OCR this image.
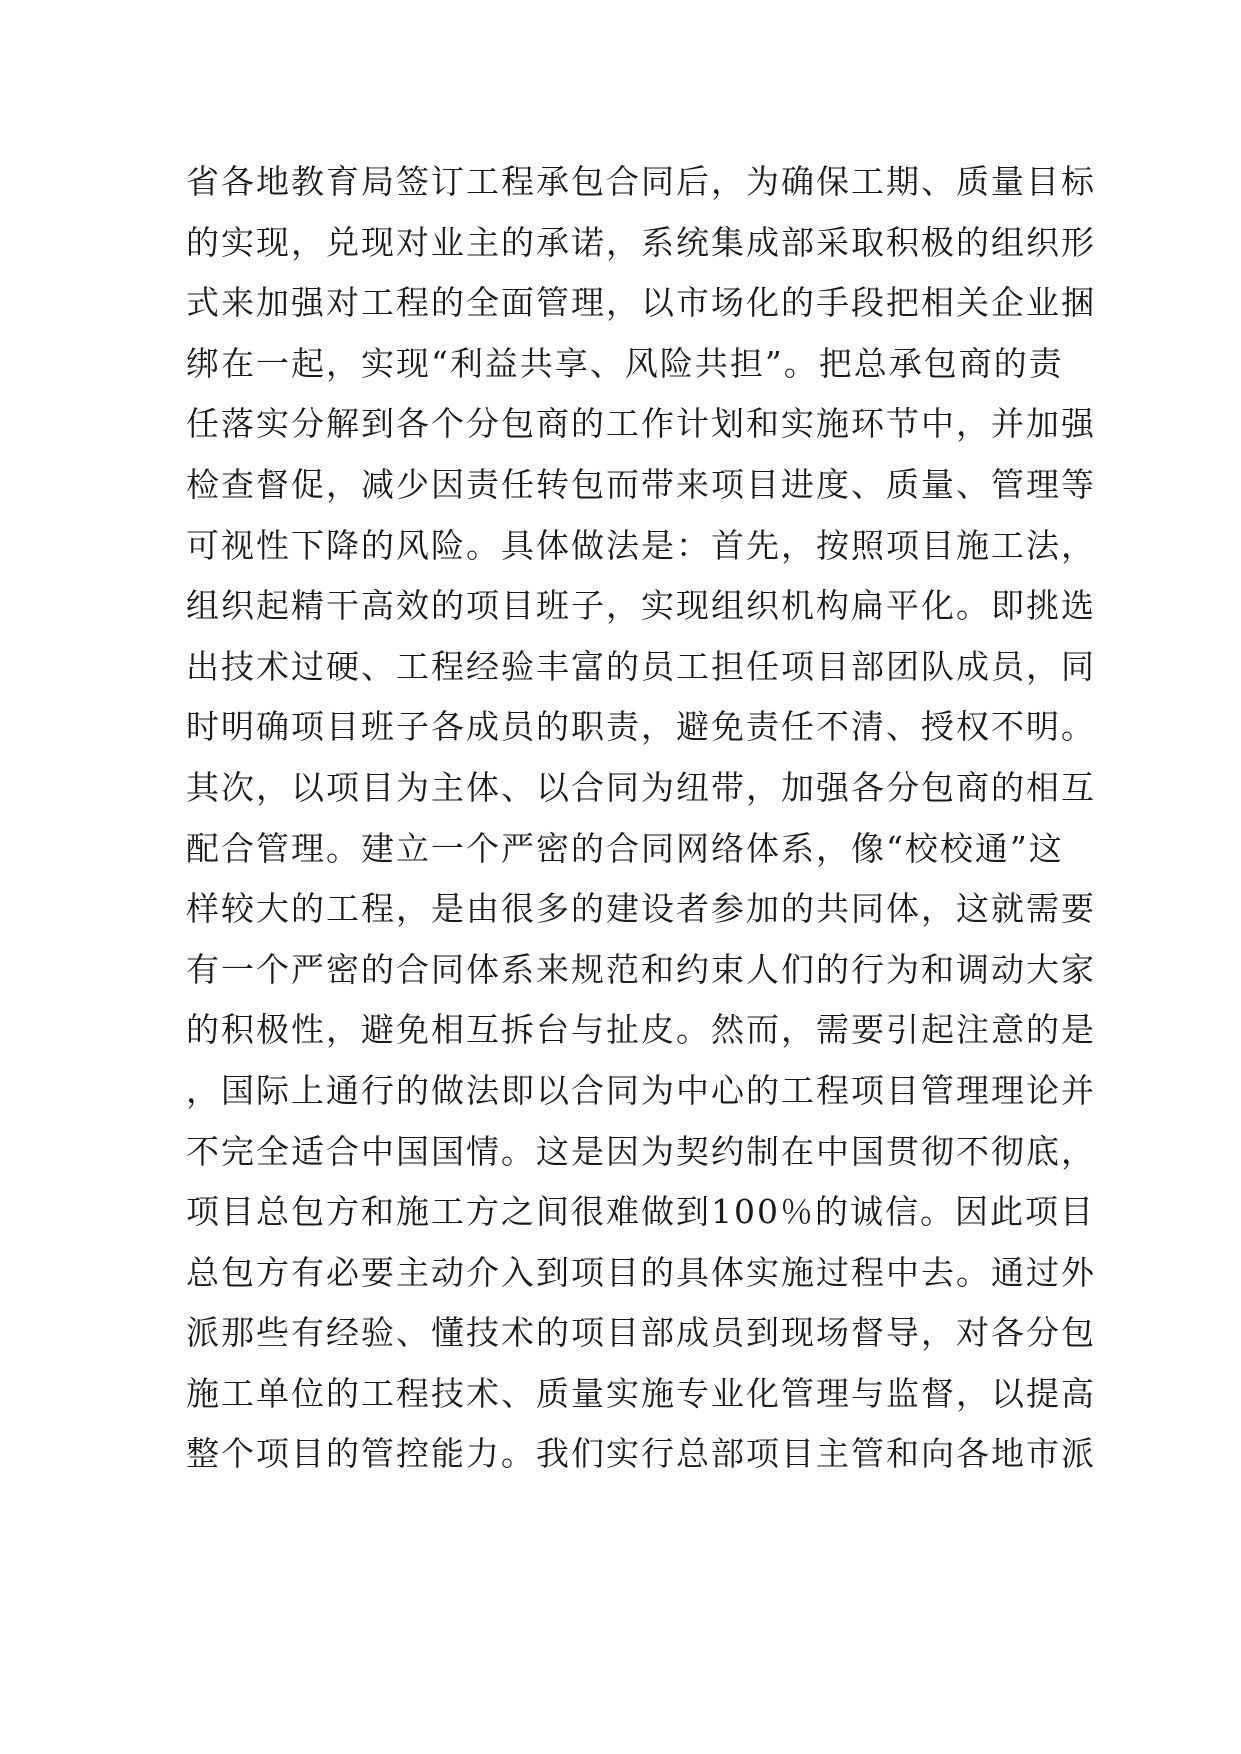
省各地教育局签订工程承包合同后，为确保工期、质量目标
的实现，兑现对业主的承诺，系统集成部采取积极的组织形
式来加强对工程的全面管理，以市场化的手段把相关企业捆
绑在一起，实现“利益共享、风险共担”。把总承包商的责
任落实分解到各个分包商的工作计划和实施环节中，并加强
检查督促，减少因责任转包而带来项目进度、质量、管理等
可视性下降的风险。具体做法是：首先，按照项目施工法，
组织起精干高效的项目班子，实现组织机构扁平化。即挑选
出技术过硬、工程经验丰富的员工担任项目部团队成员，同
时明确项目班子各成员的职责，避免责任不清、授权不明。
其次，以项目为主体、以合同为纽带，加强各分包商的相互
配合管理。建立一个严密的合同网络体系，像“校校通”这
样较大的工程，是由很多的建设者参加的共同体，这就需要
有一个严密的合同体系来规范和约束人们的行为和调动大家
的积极性，避免相互拆台与扯皮。然而，需要引起注意的是
，国际上通行的做法即以合同为中心的工程项目管理理论并
不完全适合中国国情。这是因为契约制在中国贯彻不彻底，
项目总包方和施工方之间很难做到100％的诚信。因此项目
总包方有必要主动介入到项目的具体实施过程中去。通过外
派那些有经验、懂技术的项目部成员到现场督导，对各分包
施工单位的工程技术、质量实施专业化管理与监督，以提高
整个项目的管控能力。我们实行总部项目主管和向各地市派
